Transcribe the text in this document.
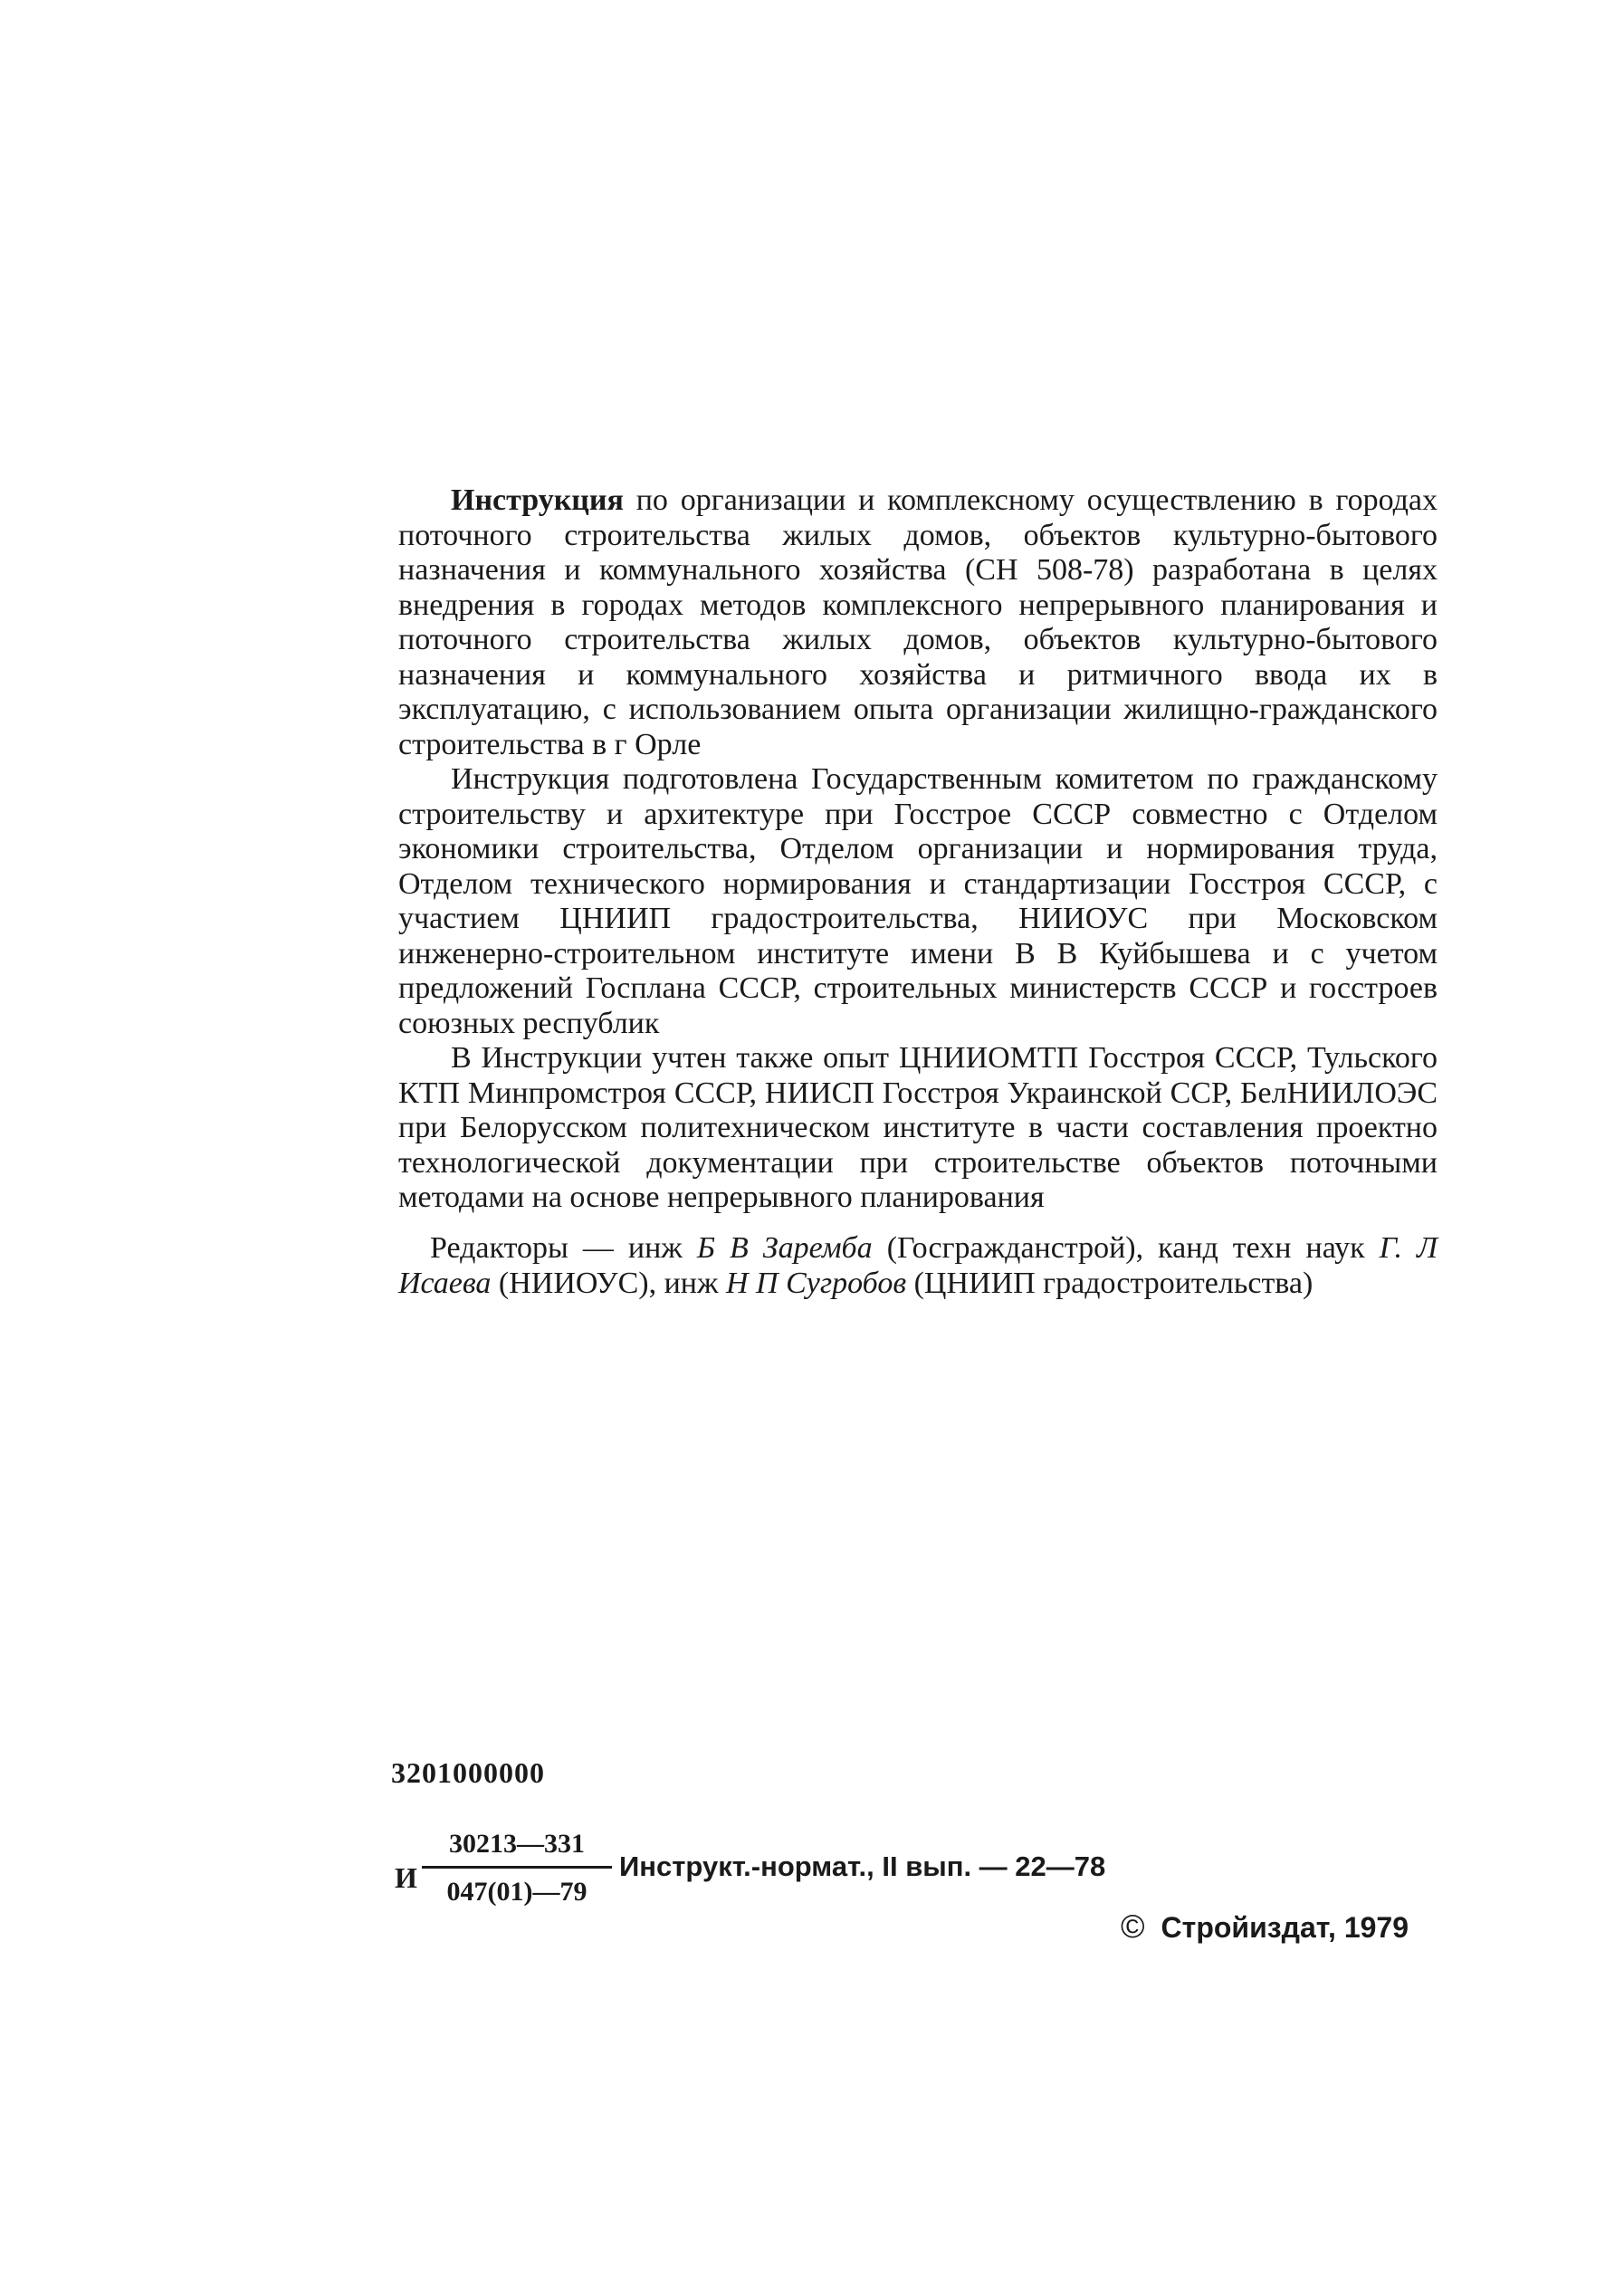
Инструкция по организации и комплексному осуществлению в городах поточного строительства жилых домов, объектов культурно-бытового назначения и коммунального хозяйства (СН 508-78) разработана в целях внедрения в городах методов комплексного непрерывного планирования и поточного строительства жилых домов, объектов культурно-бытового назначения и коммунального хозяйства и ритмичного ввода их в эксплуатацию, с использованием опыта организации жилищно-гражданского строительства в г Орле

Инструкция подготовлена Государственным комитетом по гражданскому строительству и архитектуре при Госстрое СССР совместно с Отделом экономики строительства, Отделом организации и нормирования труда, Отделом технического нормирования и стандартизации Госстроя СССР, с участием ЦНИИП градостроительства, НИИОУС при Московском инженерно-строительном институте имени В В Куйбышева и с учетом предложений Госплана СССР, строительных министерств СССР и госстроев союзных республик

В Инструкции учтен также опыт ЦНИИОМТП Госстроя СССР, Тульского КТП Минпромстроя СССР, НИИСП Госстроя Украинской ССР, БелНИИЛОЭС при Белорусском политехническом институте в части составления проектно технологической документации при строительстве объектов поточными методами на основе непрерывного планирования

Редакторы — инж Б В Заремба (Госгражданстрой), канд техн наук Г. Л Исаева (НИИОУС), инж Н П Сугробов (ЦНИИП градостроительства)

3201000000
И
30213—331
047(01)—79
Инструкт.-нормат., II вып. — 22—78
© Стройиздат, 1979
